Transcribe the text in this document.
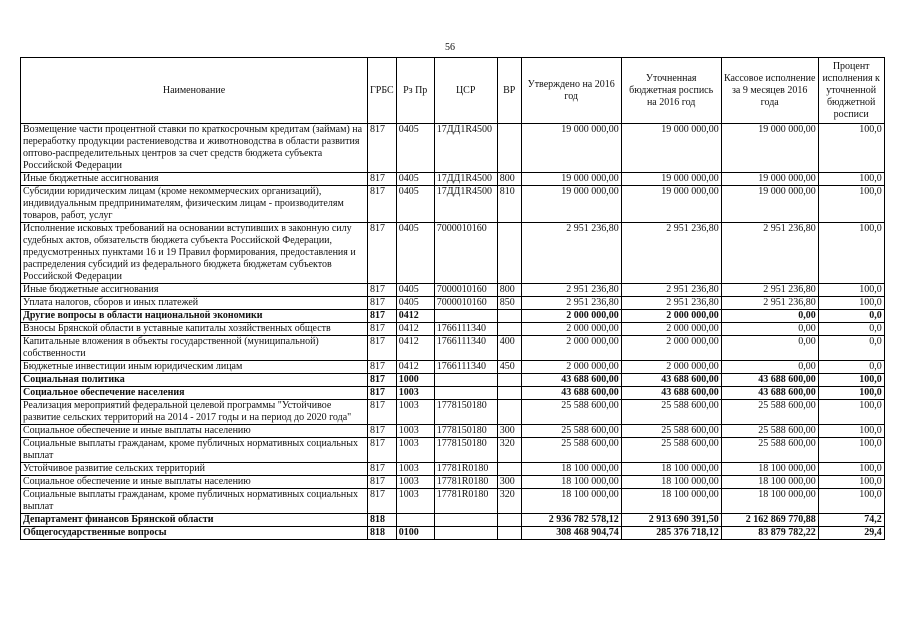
56
Наименование	ГРБС	Рз Пр	ЦСР	ВР	Утверждено на 2016 год	Уточненная бюджетная роспись на 2016 год	Кассовое исполнение за 9 месяцев 2016 года	Процент исполнения к уточненной бюджетной росписи
Возмещение части процентной ставки по краткосрочным кредитам (займам) на переработку продукции растениеводства и животноводства в области развития оптово-распределительных центров за счет средств бюджета субъекта Российской Федерации	817	0405	17ДД1R4500		19 000 000,00	19 000 000,00	19 000 000,00	100,0
Иные бюджетные ассигнования	817	0405	17ДД1R4500	800	19 000 000,00	19 000 000,00	19 000 000,00	100,0
Субсидии юридическим лицам (кроме некоммерческих организаций), индивидуальным предпринимателям, физическим лицам - производителям товаров, работ, услуг	817	0405	17ДД1R4500	810	19 000 000,00	19 000 000,00	19 000 000,00	100,0
Исполнение исковых требований на основании вступивших в законную силу судебных актов, обязательств бюджета субъекта Российской Федерации, предусмотренных пунктами 16 и 19 Правил формирования, предоставления и распределения субсидий из федерального бюджета бюджетам субъектов Российской Федерации	817	0405	7000010160		2 951 236,80	2 951 236,80	2 951 236,80	100,0
Иные бюджетные ассигнования	817	0405	7000010160	800	2 951 236,80	2 951 236,80	2 951 236,80	100,0
Уплата налогов, сборов и иных платежей	817	0405	7000010160	850	2 951 236,80	2 951 236,80	2 951 236,80	100,0
Другие вопросы в области национальной экономики	817	0412			2 000 000,00	2 000 000,00	0,00	0,0
Взносы Брянской области в уставные капиталы хозяйственных обществ	817	0412	1766111340		2 000 000,00	2 000 000,00	0,00	0,0
Капитальные вложения в объекты государственной (муниципальной) собственности	817	0412	1766111340	400	2 000 000,00	2 000 000,00	0,00	0,0
Бюджетные инвестиции иным юридическим лицам	817	0412	1766111340	450	2 000 000,00	2 000 000,00	0,00	0,0
Социальная политика	817	1000			43 688 600,00	43 688 600,00	43 688 600,00	100,0
Социальное обеспечение населения	817	1003			43 688 600,00	43 688 600,00	43 688 600,00	100,0
Реализация мероприятий федеральной целевой программы "Устойчивое развитие сельских территорий на 2014 - 2017 годы и на период до 2020 года"	817	1003	1778150180		25 588 600,00	25 588 600,00	25 588 600,00	100,0
Социальное обеспечение и иные выплаты населению	817	1003	1778150180	300	25 588 600,00	25 588 600,00	25 588 600,00	100,0
Социальные выплаты гражданам, кроме публичных нормативных социальных выплат	817	1003	1778150180	320	25 588 600,00	25 588 600,00	25 588 600,00	100,0
Устойчивое развитие сельских территорий	817	1003	17781R0180		18 100 000,00	18 100 000,00	18 100 000,00	100,0
Социальное обеспечение и иные выплаты населению	817	1003	17781R0180	300	18 100 000,00	18 100 000,00	18 100 000,00	100,0
Социальные выплаты гражданам, кроме публичных нормативных социальных выплат	817	1003	17781R0180	320	18 100 000,00	18 100 000,00	18 100 000,00	100,0
Департамент финансов Брянской области	818				2 936 782 578,12	2 913 690 391,50	2 162 869 770,88	74,2
Общегосударственные вопросы	818	0100			308 468 904,74	285 376 718,12	83 879 782,22	29,4
